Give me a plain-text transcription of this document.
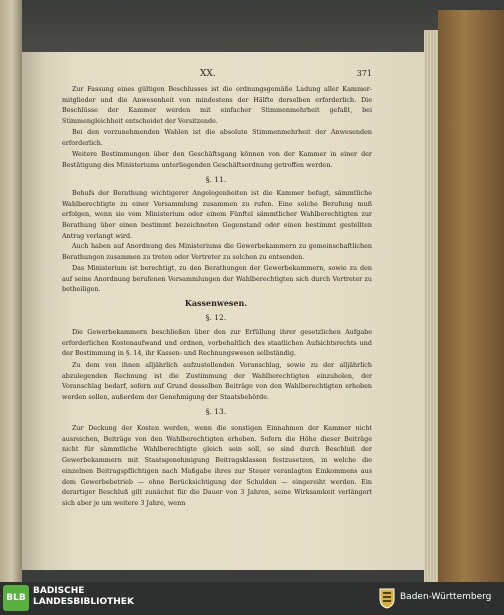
XX.	371
Zur Fassung eines gültigen Beschlusses ist die ordnungsgemäße Ladung aller Kammer-mitglieder und die Anwesenheit von mindestens der Hälfte derselben erforderlich. Die Beschlüsse der Kammer werden mit einfacher Stimmenmehrheit gefaßt, bei Stimmengleichheit entscheidet der Vorsitzende.
Bei den vorzunehmenden Wahlen ist die absolute Stimmenmehrheit der Anwesenden erforderlich.
Weitere Bestimmungen über den Geschäftsgang können von der Kammer in einer der Bestätigung des Ministeriums unterliegenden Geschäftsordnung getroffen werden.
§. 11.
Behufs der Berathung wichtigerer Angelegenheiten ist die Kammer befugt, sämmtliche Wahlberechtigte zu einer Versammlung zusammen zu rufen. Eine solche Berufung muß erfolgen, wenn sie vom Ministerium oder einem Fünftel sämmtlicher Wahlberechtigten zur Berathung über einen bestimmt bezeichneten Gegenstand oder einen bestimmt gestellten Antrag verlangt wird.
Auch haben auf Anordnung des Ministeriums die Gewerbekammern zu gemeinschaftlichen Berathungen zusammen zu treten oder Vertreter zu solchen zu entsenden.
Das Ministerium ist berechtigt, zu den Berathungen der Gewerbekammern, sowie zu den auf seine Anordnung berufenen Versammlungen der Wahlberechtigten sich durch Vertreter zu betheiligen.
Kassenwesen.
§. 12.
Die Gewerbekammern beschließen über den zur Erfüllung ihrer gesetzlichen Aufgabe erforderlichen Kostenaufwand und ordnen, vorbehaltlich des staatlichen Aufsichtsrechts und der Bestimmung in §. 14, ihr Kassen- und Rechnungswesen selbständig.
Zu dem von ihnen alljährlich aufzustellenden Voranschlag, sowie zu der alljährlich abzulegenden Rechnung ist die Zustimmung der Wahlberechtigten einzuholen, der Voranschlag bedarf, sofern auf Grund desselben Beiträge von den Wahlberechtigten erhoben werden sollen, außerdem der Genehmigung der Staatsbehörde.
§. 13.
Zur Deckung der Kosten werden, wenn die sonstigen Einnahmen der Kammer nicht ausreichen, Beiträge von den Wahlberechtigten erhoben. Sofern die Höhe dieser Beiträge nicht für sämmtliche Wahlberechtigte gleich sein soll, so sind durch Beschluß der Gewerbekammern mit Staatsgenehmigung Beitragsklassen festzusetzen, in welche die einzelnen Beitragspflichtigen nach Maßgabe ihres zur Steuer veranlagten Einkommens aus dem Gewerbebetrieb — ohne Berücksichtigung der Schulden — eingereiht werden. Ein derartiger Beschluß gilt zunächst für die Dauer von 3 Jahren, seine Wirksamkeit verlängert sich aber je um weitere 3 Jahre, wenn
BLB
BADISCHE
LANDESBIBLIOTHEK	Baden-Württemberg
